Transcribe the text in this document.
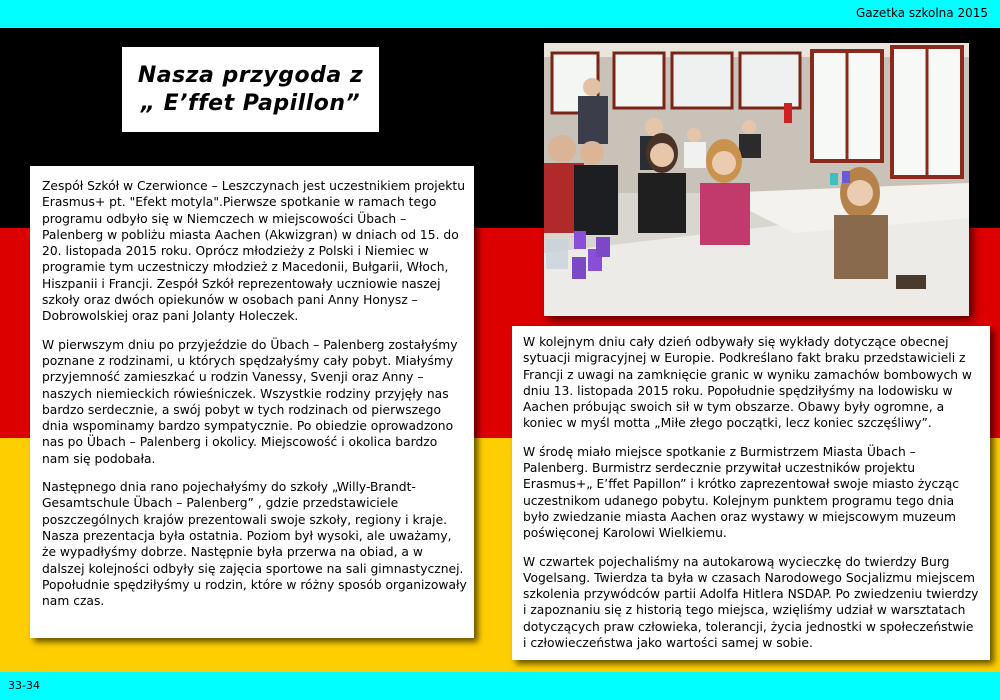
Gazetka szkolna 2015
Nasza przygoda z
„ E’ffet Papillon”

Zespół Szkół w Czerwionce – Leszczynach jest uczestnikiem projektu Erasmus+ pt. "Efekt motyla".Pierwsze spotkanie w ramach tego programu odbyło się w Niemczech w miejscowości Übach – Palenberg w pobliżu miasta Aachen (Akwizgran) w dniach od 15. do 20. listopada 2015 roku. Oprócz młodzieży z Polski i Niemiec w programie tym uczestniczy młodzież z Macedonii, Bułgarii, Włoch, Hiszpanii i Francji. Zespół Szkół reprezentowały uczniowie naszej szkoły oraz dwóch opiekunów w osobach pani Anny Honysz – Dobrowolskiej oraz pani Jolanty Holeczek.

W pierwszym dniu po przyjeździe do Übach – Palenberg zostałyśmy poznane z rodzinami, u których spędzałyśmy cały pobyt. Miałyśmy przyjemność zamieszkać u rodzin Vanessy, Svenji oraz Anny – naszych niemieckich rówieśniczek. Wszystkie rodziny przyjęły nas bardzo serdecznie, a swój pobyt w tych rodzinach od pierwszego dnia wspominamy bardzo sympatycznie. Po obiedzie oprowadzono nas po Übach – Palenberg i okolicy. Miejscowość i okolica bardzo nam się podobała.

Następnego dnia rano pojechałyśmy do szkoły „Willy-Brandt-Gesamtschule Übach – Palenberg” , gdzie przedstawiciele poszczególnych krajów prezentowali swoje szkoły, regiony i kraje. Nasza prezentacja była ostatnia. Poziom był wysoki, ale uważamy, że wypadłyśmy dobrze. Następnie była przerwa na obiad, a w dalszej kolejności odbyły się zajęcia sportowe na sali gimnastycznej. Popołudnie spędziłyśmy u rodzin, które w różny sposób organizowały nam czas.

W kolejnym dniu cały dzień odbywały się wykłady dotyczące obecnej sytuacji migracyjnej w Europie. Podkreślano fakt braku przedstawicieli z Francji z uwagi na zamknięcie granic w wyniku zamachów bombowych w dniu 13. listopada 2015 roku. Popołudnie spędziłyśmy na lodowisku w Aachen próbując swoich sił w tym obszarze. Obawy były ogromne, a koniec w myśl motta „Miłe złego początki, lecz koniec szczęśliwy”.

W środę miało miejsce spotkanie z Burmistrzem Miasta Übach – Palenberg. Burmistrz serdecznie przywitał uczestników projektu Erasmus+„ E’ffet Papillon” i krótko zaprezentował swoje miasto życząc uczestnikom udanego pobytu. Kolejnym punktem programu tego dnia było zwiedzanie miasta Aachen oraz wystawy w miejscowym muzeum poświęconej Karolowi Wielkiemu.

W czwartek pojechaliśmy na autokarową wycieczkę do twierdzy Burg Vogelsang. Twierdza ta była w czasach Narodowego Socjalizmu miejscem szkolenia przywódców partii Adolfa Hitlera NSDAP. Po zwiedzeniu twierdzy i zapoznaniu się z historią tego miejsca, wzięliśmy udział w warsztatach dotyczących praw człowieka, tolerancji, życia jednostki w społeczeństwie i człowieczeństwa jako wartości samej w sobie.

33-34
